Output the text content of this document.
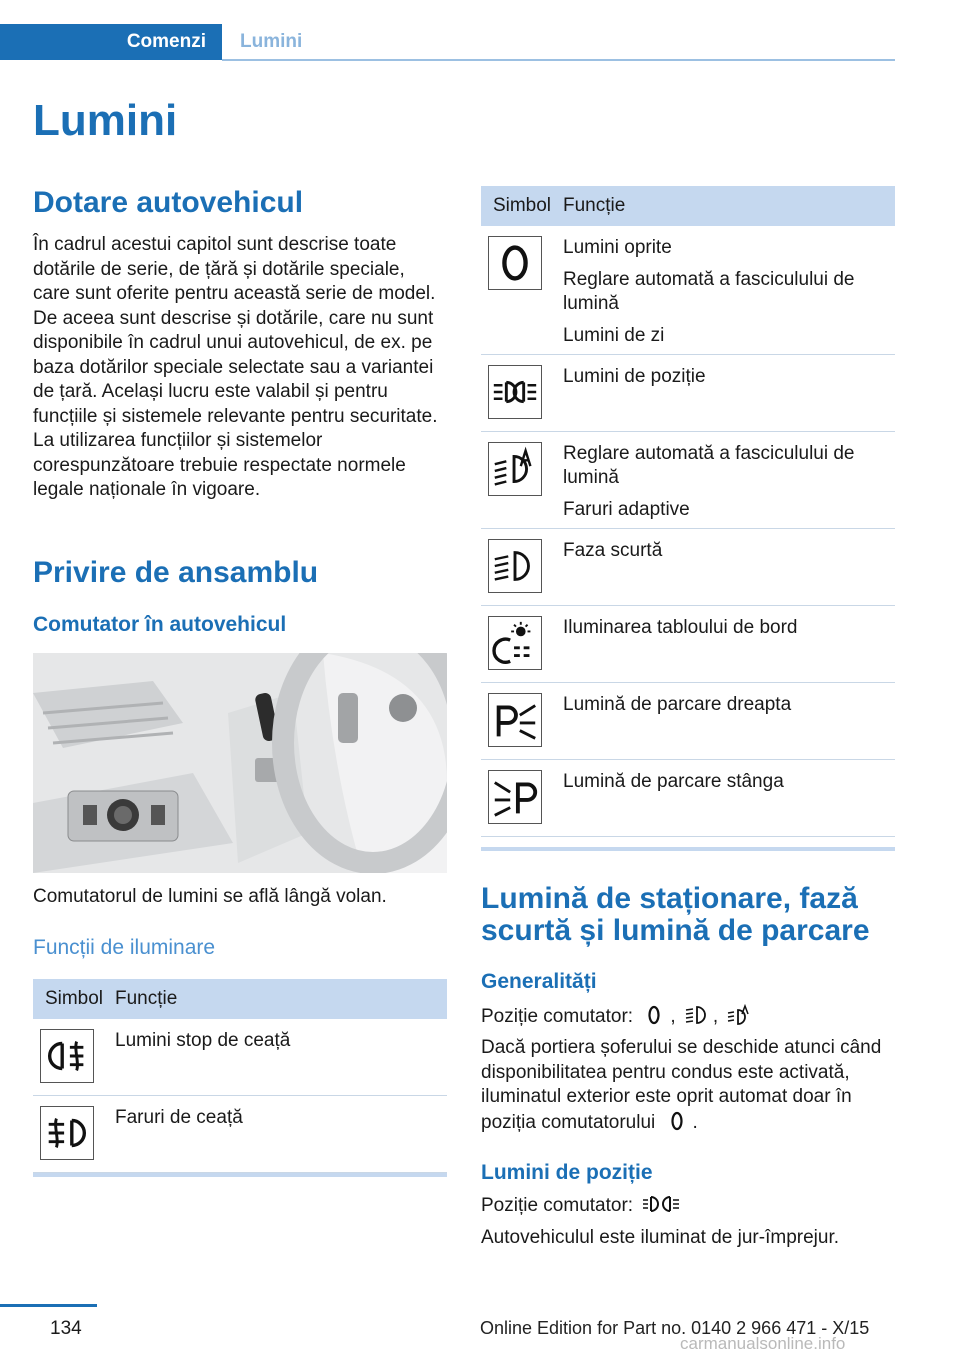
Comenzi	Lumini
Lumini
Dotare autovehicul

În cadrul acestui capitol sunt descrise toate dotările de serie, de țără și dotările speciale, care sunt oferite pentru această serie de model. De aceea sunt descrise și dotările, care nu sunt disponibile în cadrul unui autovehicul, de ex. pe baza dotărilor speciale selectate sau a variantei de țară. Același lucru este valabil și pentru funcțiile și sistemele relevante pentru securitate. La utilizarea funcțiilor și sistemelor corespunzătoare trebuie respectate normele legale naționale în vigoare.

Privire de ansamblu
Comutator în autovehicul

Comutatorul de lumini se află lângă volan.

Funcții de iluminare
Simbol Funcție
Lumini stop de ceață
Faruri de ceață
Simbol Funcție
Lumini oprite
Reglare automată a fasciculului de lumină
Lumini de zi
Lumini de poziție
Reglare automată a fasciculului de lumină
Faruri adaptive
Faza scurtă
Iluminarea tabloului de bord
Lumină de parcare dreapta
Lumină de parcare stânga
Lumină de staționare, fază
scurtă și lumină de parcare
Generalități

Poziție comutator: , ,

Dacă portiera șoferului se deschide atunci când disponibilitatea pentru condus este activată, iluminatul exterior este oprit automat doar în poziția comutatorului .

Lumini de poziție

Poziție comutator:

Autovehiculul este iluminat de jur-împrejur.

134	Online Edition for Part no. 0140 2 966 471 - X/15
carmanualsonline.info
